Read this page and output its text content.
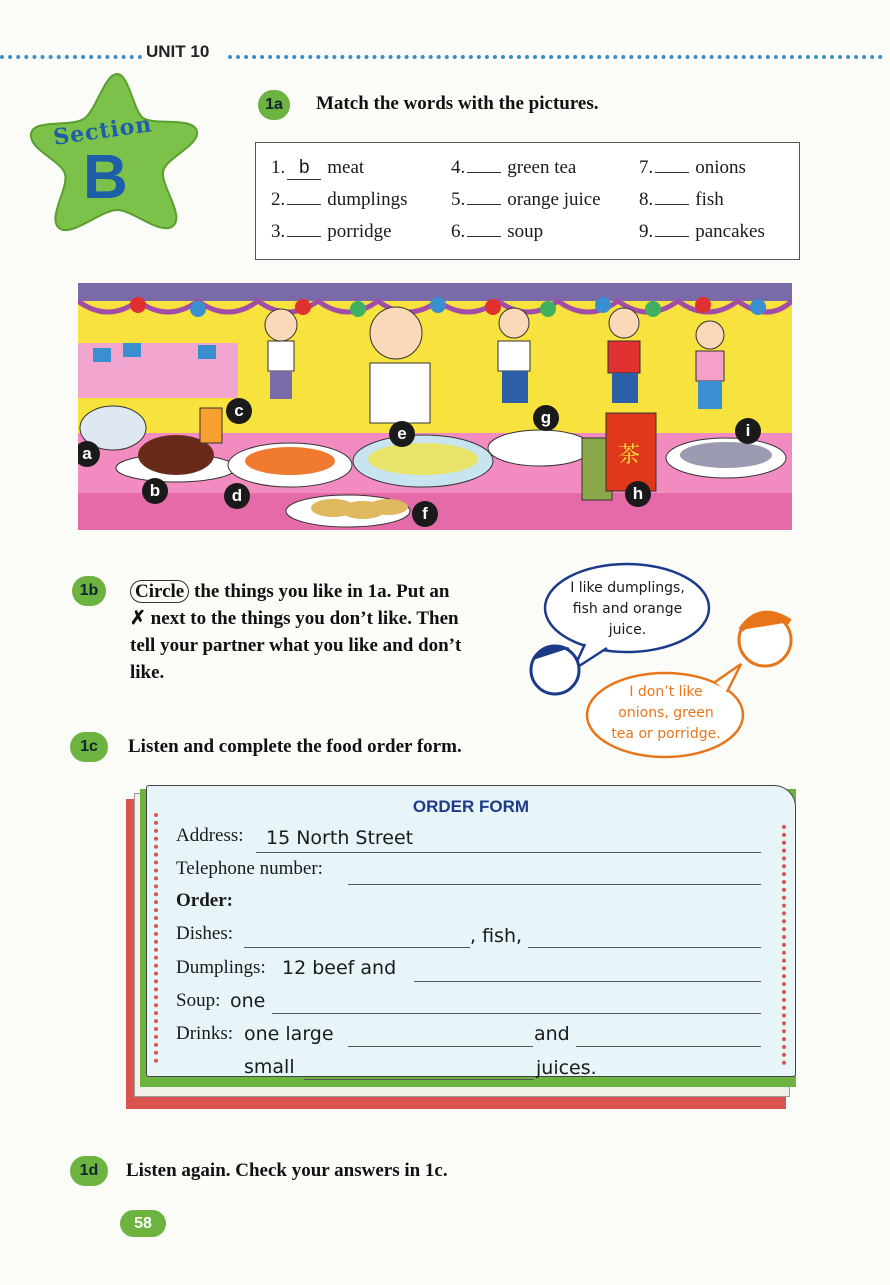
UNIT 10
Section
B
1a	Match the words with the pictures.
1. b meat
2. dumplings
3. porridge
4. green tea
5. orange juice
6. soup
7. onions
8. fish
9. pancakes
茶
a
b
c
d
e
f
g
h
i
1b	Circle the things you like in 1a. Put an
✗ next to the things you don’t like. Then
tell your partner what you like and don’t
like.
I like dumplings,
fish and orange
juice.
I don’t like
onions, green
tea or porridge.
1c	Listen and complete the food order form.
ORDER FORM
Address: 15 North Street
Telephone number:
Order:
Dishes:	, fish,
Dumplings: 12 beef and
Soup: one
Drinks: one large	and
small	juices.
1d	Listen again. Check your answers in 1c.
58
